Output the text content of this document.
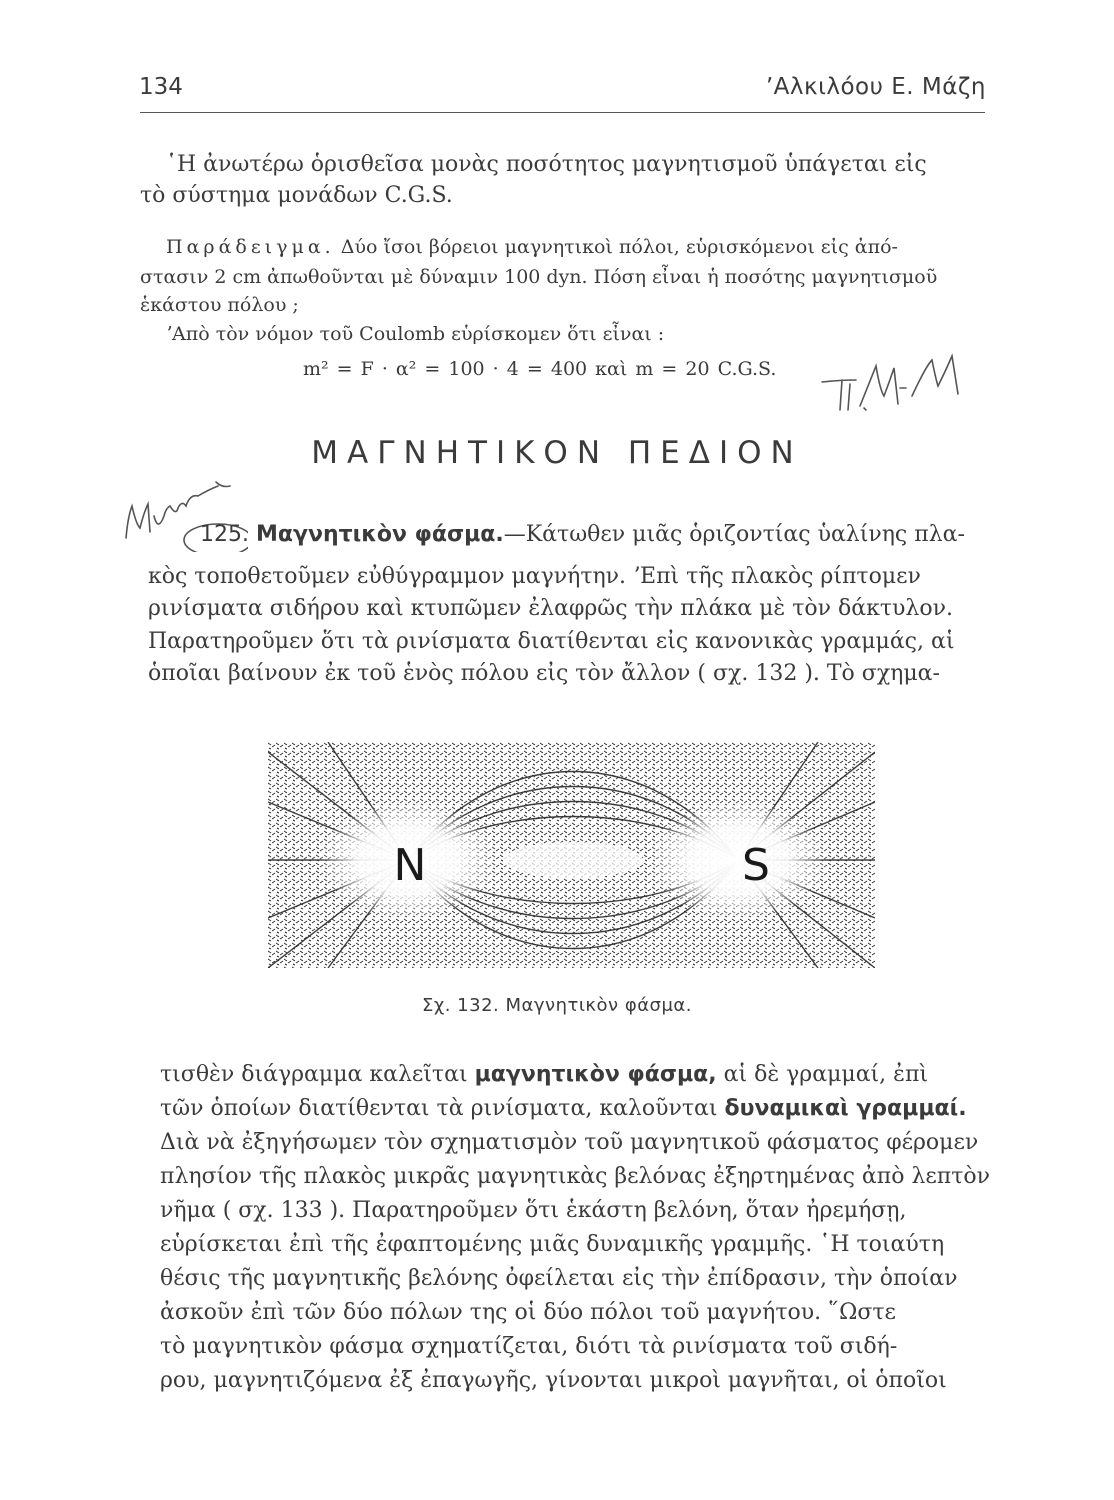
134	ʼΑλκιλόου Ε. Μάζη
῾Η ἀνωτέρω ὁρισθεῖσα μονὰς ποσότητος μαγνητισμοῦ ὑπάγεται εἰς
τὸ σύστημα μονάδων C.G.S.
Παράδειγμα. Δύο ἴσοι βόρειοι μαγνητικοὶ πόλοι, εὑρισκόμενοι εἰς ἀπό-
στασιν 2 cm ἀπωθοῦνται μὲ δύναμιν 100 dyn. Πόση εἶναι ἡ ποσότης μαγνητισμοῦ
ἑκάστου πόλου ;
ʼΑπὸ τὸν νόμον τοῦ Coulomb εὑρίσκομεν ὅτι εἶναι :
m² = F · α² = 100 · 4 = 400 καὶ m = 20 C.G.S.
ΜΑΓΝΗΤΙΚΟΝ ΠΕΔΙΟΝ
125. Μαγνητικὸν φάσμα.—Κάτωθεν μιᾶς ὁριζοντίας ὑαλίνης πλα-
κὸς τοποθετοῦμεν εὐθύγραμμον μαγνήτην. ʼΕπὶ τῆς πλακὸς ρίπτομεν
ρινίσματα σιδήρου καὶ κτυπῶμεν ἐλαφρῶς τὴν πλάκα μὲ τὸν δάκτυλον.
Παρατηροῦμεν ὅτι τὰ ρινίσματα διατίθενται εἰς κανονικὰς γραμμάς, αἱ
ὁποῖαι βαίνουν ἐκ τοῦ ἑνὸς πόλου εἰς τὸν ἄλλον ( σχ. 132 ). Τὸ σχημα-
N	S
Σχ. 132. Μαγνητικὸν φάσμα.
τισθὲν διάγραμμα καλεῖται μαγνητικὸν φάσμα, αἱ δὲ γραμμαί, ἐπὶ
τῶν ὁποίων διατίθενται τὰ ρινίσματα, καλοῦνται δυναμικαὶ γραμμαί.
Διὰ νὰ ἐξηγήσωμεν τὸν σχηματισμὸν τοῦ μαγνητικοῦ φάσματος φέρομεν
πλησίον τῆς πλακὸς μικρᾶς μαγνητικὰς βελόνας ἐξηρτημένας ἀπὸ λεπτὸν
νῆμα ( σχ. 133 ). Παρατηροῦμεν ὅτι ἑκάστη βελόνη, ὅταν ἠρεμήσῃ,
εὑρίσκεται ἐπὶ τῆς ἐφαπτομένης μιᾶς δυναμικῆς γραμμῆς. ῾Η τοιαύτη
θέσις τῆς μαγνητικῆς βελόνης ὀφείλεται εἰς τὴν ἐπίδρασιν, τὴν ὁποίαν
ἀσκοῦν ἐπὶ τῶν δύο πόλων της οἱ δύο πόλοι τοῦ μαγνήτου. ῞Ωστε
τὸ μαγνητικὸν φάσμα σχηματίζεται, διότι τὰ ρινίσματα τοῦ σιδή-
ρου, μαγνητιζόμενα ἐξ ἐπαγωγῆς, γίνονται μικροὶ μαγνῆται, οἱ ὁποῖοι
